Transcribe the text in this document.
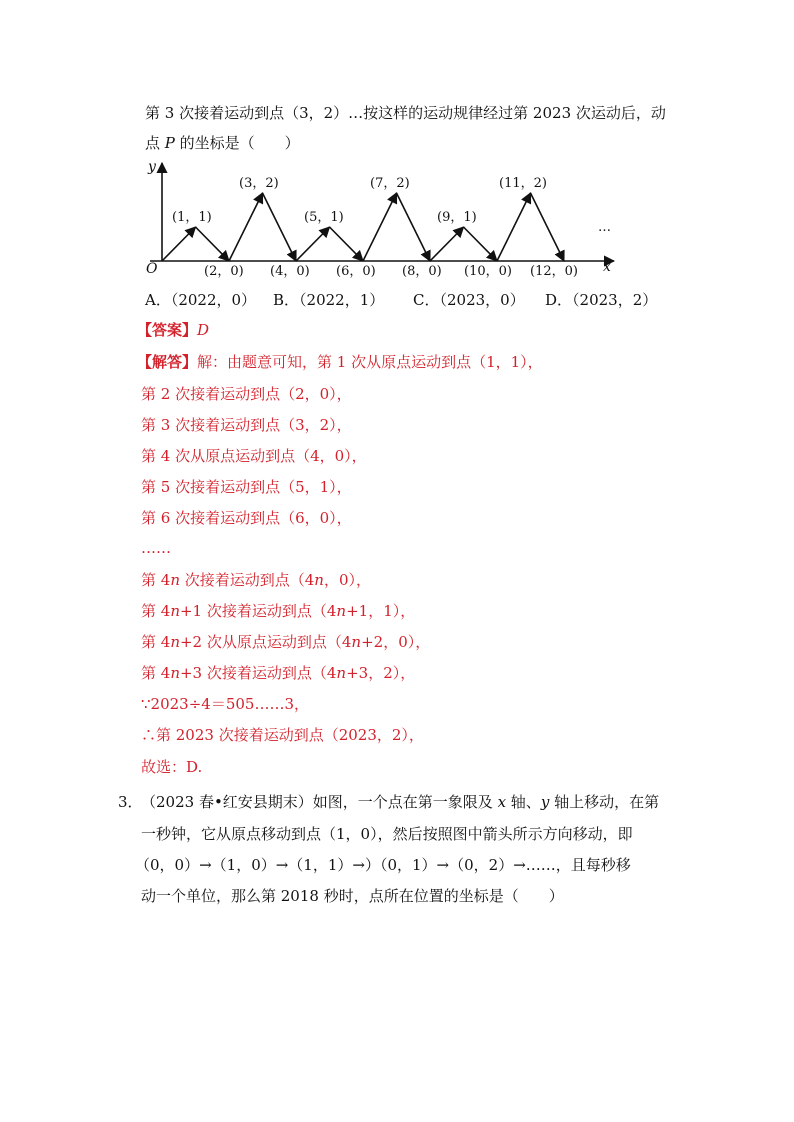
第 3 次接着运动到点（3，2）…按这样的运动规律经过第 2023 次运动后，动
点 P 的坐标是（　　）
y
x
O
(1，1)
(3，2)
(5，1)
(7，2)
(9，1)
(11，2)
(2，0) (4，0) (6，0) (8，0) (10，0) (12，0)
…
A．（2022，0） B．（2022，1） C．（2023，0） D．（2023，2）
【答案】D
【解答】解：由题意可知，第 1 次从原点运动到点（1，1），
第 2 次接着运动到点（2，0），
第 3 次接着运动到点（3，2），
第 4 次从原点运动到点（4，0），
第 5 次接着运动到点（5，1），
第 6 次接着运动到点（6，0），
……
第 4n 次接着运动到点（4n，0），
第 4n+1 次接着运动到点（4n+1，1），
第 4n+2 次从原点运动到点（4n+2，0），
第 4n+3 次接着运动到点（4n+3，2），
∵2023÷4＝505……3，
∴第 2023 次接着运动到点（2023，2），
故选：D.
3．
（2023 春•红安县期末）如图，一个点在第一象限及 x 轴、y 轴上移动，在第
一秒钟，它从原点移动到点（1，0），然后按照图中箭头所示方向移动，即
（0，0）→（1，0）→（1，1）→）（0，1）→（0，2）→……，且每秒移
动一个单位，那么第 2018 秒时，点所在位置的坐标是（　　）
